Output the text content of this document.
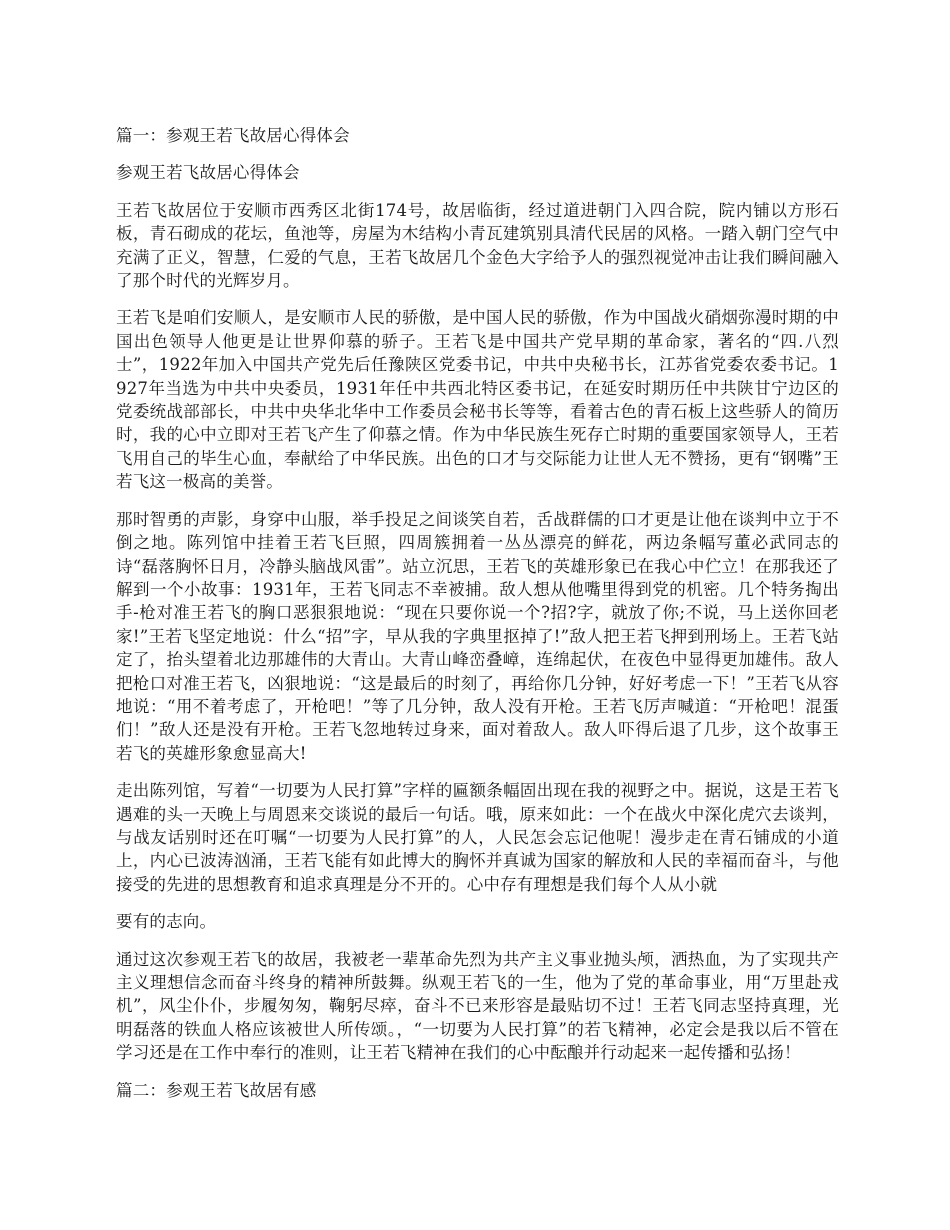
篇一：参观王若飞故居心得体会

参观王若飞故居心得体会

王若飞故居位于安顺市西秀区北街174号，故居临街，经过道进朝门入四合院，院内铺以方形石板，青石砌成的花坛，鱼池等，房屋为木结构小青瓦建筑别具清代民居的风格。一踏入朝门空气中充满了正义，智慧，仁爱的气息，王若飞故居几个金色大字给予人的强烈视觉冲击让我们瞬间融入了那个时代的光辉岁月。

王若飞是咱们安顺人，是安顺市人民的骄傲，是中国人民的骄傲，作为中国战火硝烟弥漫时期的中国出色领导人他更是让世界仰慕的骄子。王若飞是中国共产党早期的革命家，著名的“四.八烈士”，1922年加入中国共产党先后任豫陕区党委书记，中共中央秘书长，江苏省党委农委书记。1927年当选为中共中央委员，1931年任中共西北特区委书记，在延安时期历任中共陕甘宁边区的党委统战部部长，中共中央华北华中工作委员会秘书长等等，看着古色的青石板上这些骄人的简历时，我的心中立即对王若飞产生了仰慕之情。作为中华民族生死存亡时期的重要国家领导人，王若飞用自己的毕生心血，奉献给了中华民族。出色的口才与交际能力让世人无不赞扬，更有“钢嘴”王若飞这一极高的美誉。

那时智勇的声影，身穿中山服，举手投足之间谈笑自若，舌战群儒的口才更是让他在谈判中立于不倒之地。陈列馆中挂着王若飞巨照，四周簇拥着一丛丛漂亮的鲜花，两边条幅写董必武同志的诗“磊落胸怀日月，冷静头脑战风雷”。站立沉思，王若飞的英雄形象已在我心中伫立！在那我还了解到一个小故事：1931年，王若飞同志不幸被捕。敌人想从他嘴里得到党的机密。几个特务掏出手-枪对准王若飞的胸口恶狠狠地说：“现在只要你说一个?招?字，就放了你;不说，马上送你回老家!”王若飞坚定地说：什么“招”字，早从我的字典里抠掉了!”敌人把王若飞押到刑场上。王若飞站定了，抬头望着北边那雄伟的大青山。大青山峰峦叠嶂，连绵起伏，在夜色中显得更加雄伟。敌人把枪口对准王若飞，凶狠地说：“这是最后的时刻了，再给你几分钟，好好考虑一下！”王若飞从容地说：“用不着考虑了，开枪吧！”等了几分钟，敌人没有开枪。王若飞厉声喊道：“开枪吧！混蛋们！”敌人还是没有开枪。王若飞忽地转过身来，面对着敌人。敌人吓得后退了几步，这个故事王若飞的英雄形象愈显高大!

走出陈列馆，写着“一切要为人民打算”字样的匾额条幅固出现在我的视野之中。据说，这是王若飞遇难的头一天晚上与周恩来交谈说的最后一句话。哦，原来如此：一个在战火中深化虎穴去谈判，与战友话别时还在叮嘱“一切要为人民打算”的人，人民怎会忘记他呢！漫步走在青石铺成的小道上，内心已波涛汹涌，王若飞能有如此博大的胸怀并真诚为国家的解放和人民的幸福而奋斗，与他接受的先进的思想教育和追求真理是分不开的。心中存有理想是我们每个人从小就

要有的志向。

通过这次参观王若飞的故居，我被老一辈革命先烈为共产主义事业抛头颅，洒热血，为了实现共产主义理想信念而奋斗终身的精神所鼓舞。纵观王若飞的一生，他为了党的革命事业，用“万里赴戎机”，风尘仆仆，步履匆匆，鞠躬尽瘁，奋斗不已来形容是最贴切不过！王若飞同志坚持真理，光明磊落的铁血人格应该被世人所传颂。，“一切要为人民打算”的若飞精神，必定会是我以后不管在学习还是在工作中奉行的准则，让王若飞精神在我们的心中酝酿并行动起来一起传播和弘扬！

篇二：参观王若飞故居有感
